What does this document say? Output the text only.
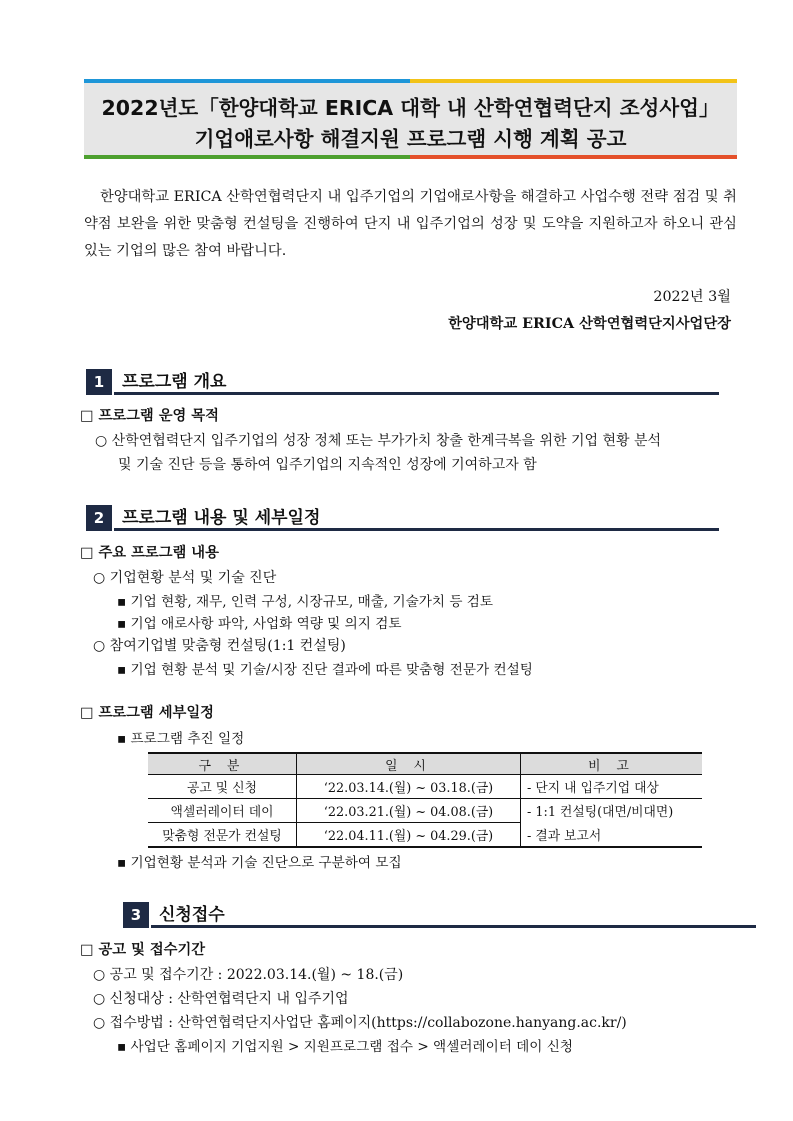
2022년도「한양대학교 ERICA 대학 내 산학연협력단지 조성사업」
기업애로사항 해결지원 프로그램 시행 계획 공고
한양대학교 ERICA 산학연협력단지 내 입주기업의 기업애로사항을 해결하고 사업수행 전략 점검 및 취약점 보완을 위한 맞춤형 컨설팅을 진행하여 단지 내 입주기업의 성장 및 도약을 지원하고자 하오니 관심 있는 기업의 많은 참여 바랍니다.
2022년 3월
한양대학교 ERICA 산학연협력단지사업단장
1	프로그램 개요
□ 프로그램 운영 목적
○ 산학연협력단지 입주기업의 성장 정체 또는 부가가치 창출 한계극복을 위한 기업 현황 분석
및 기술 진단 등을 통하여 입주기업의 지속적인 성장에 기여하고자 함
2	프로그램 내용 및 세부일정
□ 주요 프로그램 내용
○ 기업현황 분석 및 기술 진단
▪ 기업 현황, 재무, 인력 구성, 시장규모, 매출, 기술가치 등 검토
▪ 기업 애로사항 파악, 사업화 역량 및 의지 검토
○ 참여기업별 맞춤형 컨설팅(1:1 컨설팅)
▪ 기업 현황 분석 및 기술/시장 진단 결과에 따른 맞춤형 전문가 컨설팅
□ 프로그램 세부일정
▪ 프로그램 추진 일정
구 분	일 시	비 고
공고 및 신청	‘22.03.14.(월) ~ 03.18.(금)	- 단지 내 입주기업 대상
액셀러레이터 데이	‘22.03.21.(월) ~ 04.08.(금)	- 1:1 컨설팅(대면/비대면)
맞춤형 전문가 컨설팅	‘22.04.11.(월) ~ 04.29.(금)	- 결과 보고서
▪ 기업현황 분석과 기술 진단으로 구분하여 모집
3	신청접수
□ 공고 및 접수기간
○ 공고 및 접수기간 : 2022.03.14.(월) ~ 18.(금)
○ 신청대상 : 산학연협력단지 내 입주기업
○ 접수방법 : 산학연협력단지사업단 홈페이지(https://collabozone.hanyang.ac.kr/)
▪ 사업단 홈페이지 기업지원 > 지원프로그램 접수 > 액셀러레이터 데이 신청
